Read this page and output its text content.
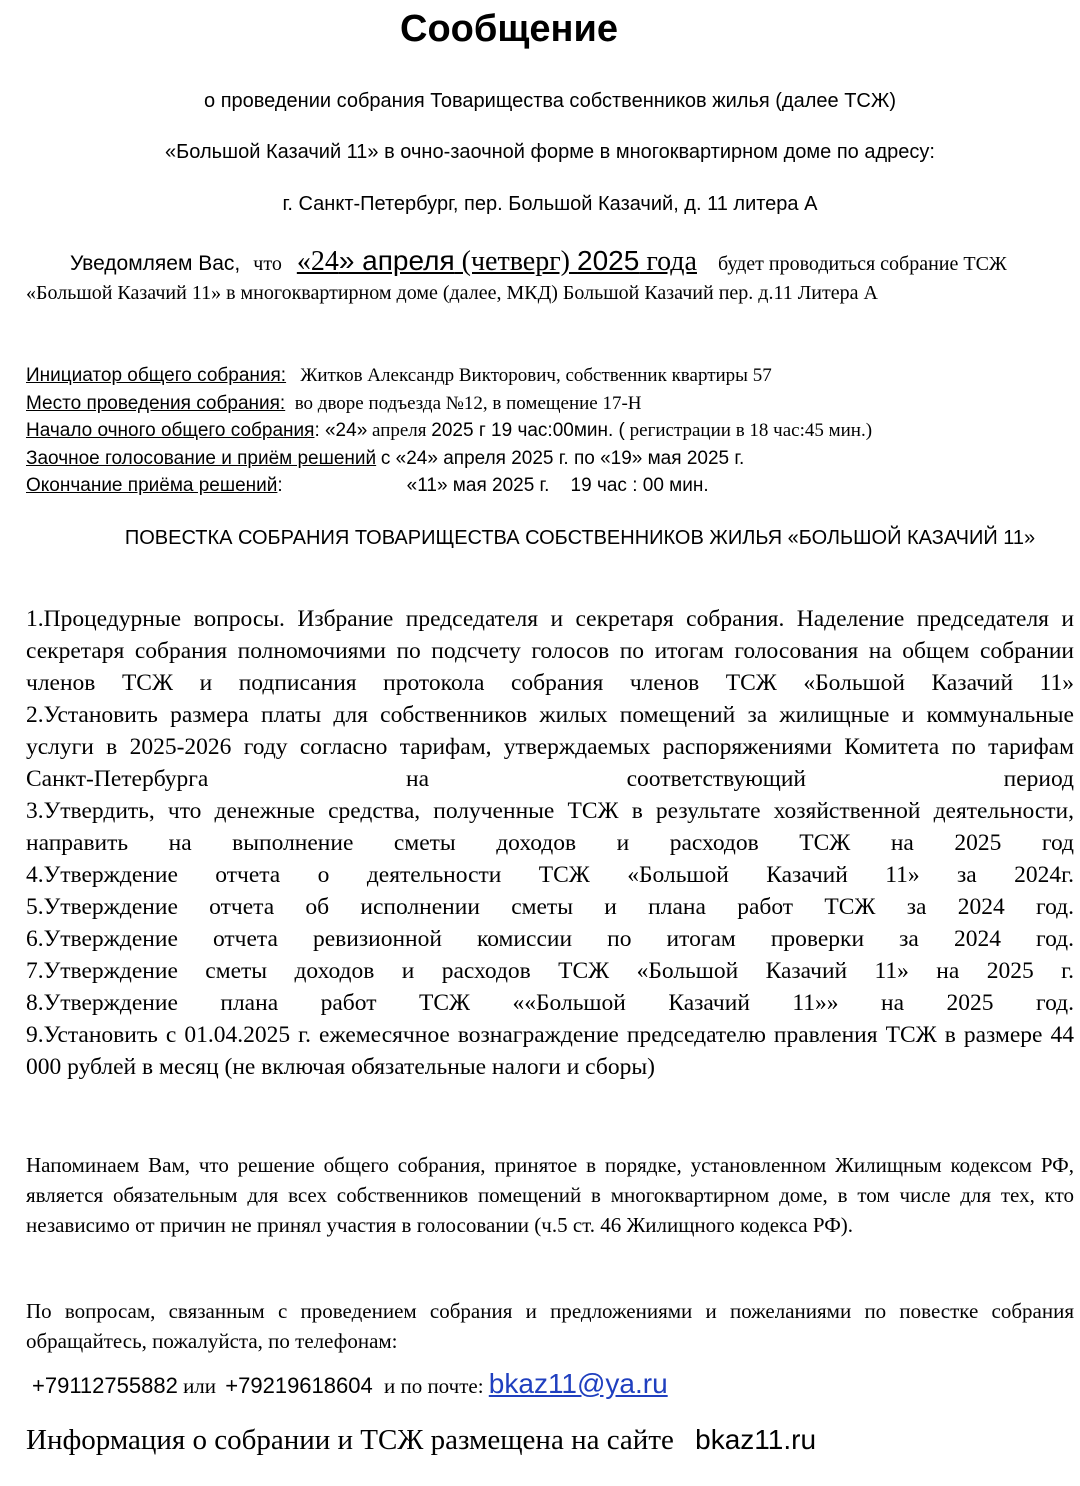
Сообщение
о проведении собрания Товарищества собственников жилья (далее ТСЖ)
«Большой Казачий 11» в очно-заочной форме в многоквартирном доме по адресу:
г. Санкт-Петербург, пер. Большой Казачий, д. 11 литера А
Уведомляем Вас, что «24» апреля (четверг) 2025 года будет проводиться собрание ТСЖ «Большой Казачий 11» в многоквартирном доме (далее, МКД) Большой Казачий пер. д.11 Литера А
Инициатор общего собрания: Житков Александр Викторович, собственник квартиры 57
Место проведения собрания: во дворе подъезда №12, в помещение 17-Н
Начало очного общего собрания: «24» апреля 2025 г 19 час:00мин. ( регистрации в 18 час:45 мин.)
Заочное голосование и приём решений с «24» апреля 2025 г. по «19» мая 2025 г.
Окончание приёма решений:	«11» мая 2025 г.    19 час : 00 мин.
ПОВЕСТКА СОБРАНИЯ ТОВАРИЩЕСТВА СОБСТВЕННИКОВ ЖИЛЬЯ «БОЛЬШОЙ КАЗАЧИЙ 11»
1.Процедурные вопросы. Избрание председателя и секретаря собрания. Наделение председателя и секретаря собрания полномочиями по подсчету голосов по итогам голосования на общем собрании членов ТСЖ и подписания протокола собрания членов ТСЖ «Большой Казачий 11»
2.Установить размера платы для собственников жилых помещений за жилищные и коммунальные услуги в 2025-2026 году согласно тарифам, утверждаемых распоряжениями Комитета по тарифам Санкт-Петербурга на соответствующий период
3.Утвердить, что денежные средства, полученные ТСЖ в результате хозяйственной деятельности, направить на выполнение сметы доходов и расходов ТСЖ на 2025 год
4.Утверждение отчета о деятельности ТСЖ «Большой Казачий 11» за 2024г.
5.Утверждение отчета об исполнении сметы и плана работ ТСЖ за 2024 год.
6.Утверждение отчета ревизионной комиссии по итогам проверки за 2024 год.
7.Утверждение сметы доходов и расходов ТСЖ «Большой Казачий 11» на 2025 г.
8.Утверждение плана работ ТСЖ ««Большой Казачий 11»» на 2025 год.
9.Установить с 01.04.2025 г. ежемесячное вознаграждение председателю правления ТСЖ в размере 44 000 рублей в месяц (не включая обязательные налоги и сборы)
Напоминаем Вам, что решение общего собрания, принятое в порядке, установленном Жилищным кодексом РФ, является обязательным для всех собственников помещений в многоквартирном доме, в том числе для тех, кто независимо от причин не принял участия в голосовании (ч.5 ст. 46 Жилищного кодекса РФ).
По вопросам, связанным с проведением собрания и предложениями и пожеланиями по повестке собрания обращайтесь, пожалуйста, по телефонам:
+79112755882 или +79219618604 и по почте: bkaz11@ya.ru
Информация о собрании и ТСЖ размещена на сайте bkaz11.ru
